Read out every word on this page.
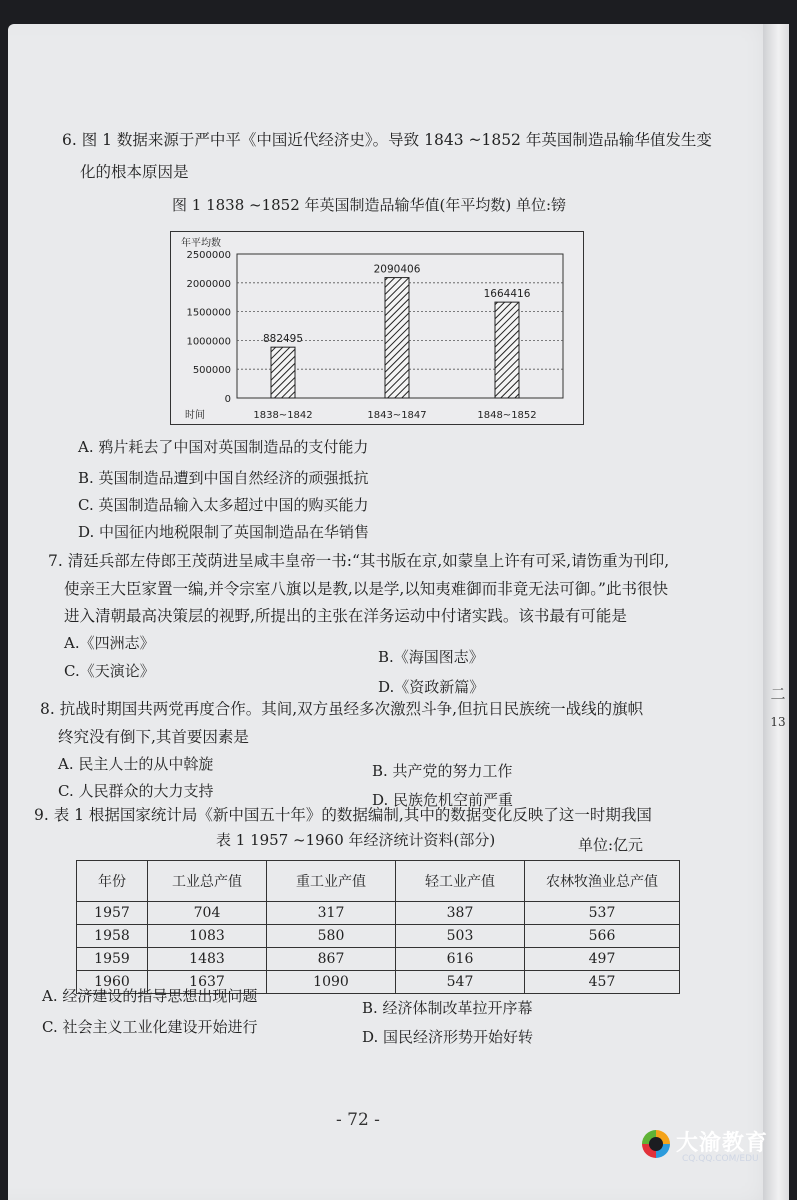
二
13
6. 图 1 数据来源于严中平《中国近代经济史》。导致 1843 ~1852 年英国制造品输华值发生变
化的根本原因是
图 1 1838 ~1852 年英国制造品输华值(年平均数) 单位:镑
0
500000
1000000
1500000
2000000
2500000
年平均数
时间
882495
1838~1842
2090406
1843~1847
1664416
1848~1852
A. 鸦片耗去了中国对英国制造品的支付能力
B. 英国制造品遭到中国自然经济的顽强抵抗
C. 英国制造品输入太多超过中国的购买能力
D. 中国征内地税限制了英国制造品在华销售
7. 清廷兵部左侍郎王茂荫进呈咸丰皇帝一书:“其书版在京,如蒙皇上许有可采,请饬重为刊印,
使亲王大臣家置一编,并令宗室八旗以是教,以是学,以知夷难御而非竟无法可御。”此书很快
进入清朝最高决策层的视野,所提出的主张在洋务运动中付诸实践。该书最有可能是
A.《四洲志》
B.《海国图志》
C.《天演论》
D.《资政新篇》
8. 抗战时期国共两党再度合作。其间,双方虽经多次激烈斗争,但抗日民族统一战线的旗帜
终究没有倒下,其首要因素是
A. 民主人士的从中斡旋	B. 共产党的努力工作
C. 人民群众的大力支持	D. 民族危机空前严重
9. 表 1 根据国家统计局《新中国五十年》的数据编制,其中的数据变化反映了这一时期我国
表 1 1957 ~1960 年经济统计资料(部分)	单位:亿元
年份	工业总产值	重工业产值	轻工业产值	农林牧渔业总产值
1957	704	317	387	537
1958	1083	580	503	566
1959	1483	867	616	497
1960	1637	1090	547	457
A. 经济建设的指导思想出现问题
B. 经济体制改革拉开序幕
C. 社会主义工业化建设开始进行
D. 国民经济形势开始好转
- 72 -
大渝教育
CQ.QQ.COM/EDU
